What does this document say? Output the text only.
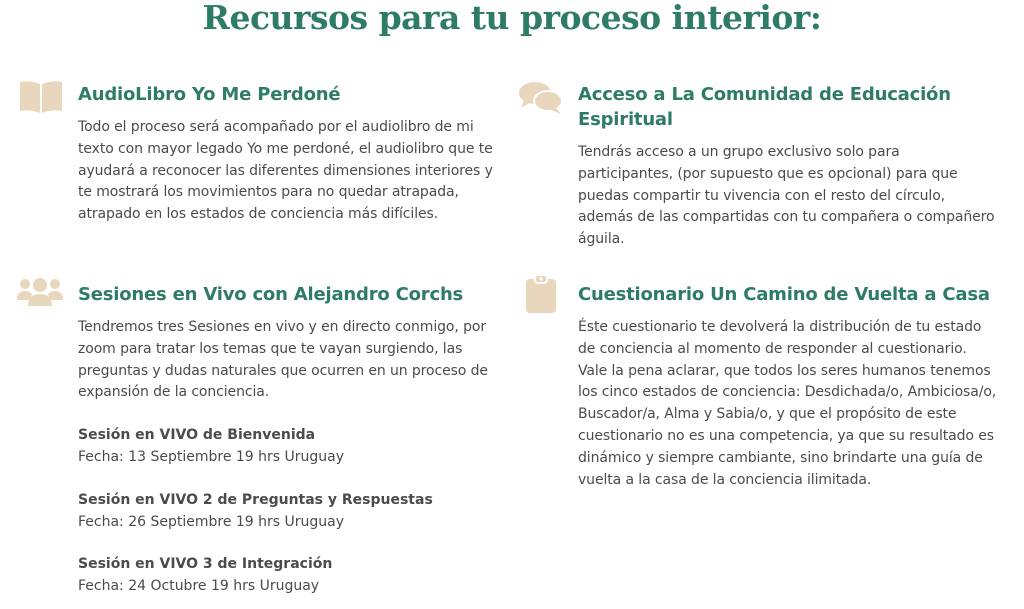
Recursos para tu proceso interior:
AudioLibro Yo Me Perdoné

Todo el proceso será acompañado por el audiolibro de mi texto con mayor legado Yo me perdoné, el audiolibro que te ayudará a reconocer las diferentes dimensiones interiores y te mostrará los movimientos para no quedar atrapada, atrapado en los estados de conciencia más difíciles.

Acceso a La Comunidad de Educación Espiritual

Tendrás acceso a un grupo exclusivo solo para participantes, (por supuesto que es opcional) para que puedas compartir tu vivencia con el resto del círculo, además de las compartidas con tu compañera o compañero águila.

Sesiones en Vivo con Alejandro Corchs

Tendremos tres Sesiones en vivo y en directo conmigo, por zoom para tratar los temas que te vayan surgiendo, las preguntas y dudas naturales que ocurren en un proceso de expansión de la conciencia.

Sesión en VIVO de Bienvenida
Fecha: 13 Septiembre 19 hrs Uruguay
Sesión en VIVO 2 de Preguntas y Respuestas
Fecha: 26 Septiembre 19 hrs Uruguay
Sesión en VIVO 3 de Integración
Fecha: 24 Octubre 19 hrs Uruguay
Cuestionario Un Camino de Vuelta a Casa

Éste cuestionario te devolverá la distribución de tu estado de conciencia al momento de responder al cuestionario. Vale la pena aclarar, que todos los seres humanos tenemos los cinco estados de conciencia: Desdichada/o, Ambiciosa/o, Buscador/a, Alma y Sabia/o, y que el propósito de este cuestionario no es una competencia, ya que su resultado es dinámico y siempre cambiante, sino brindarte una guía de vuelta a la casa de la conciencia ilimitada.
